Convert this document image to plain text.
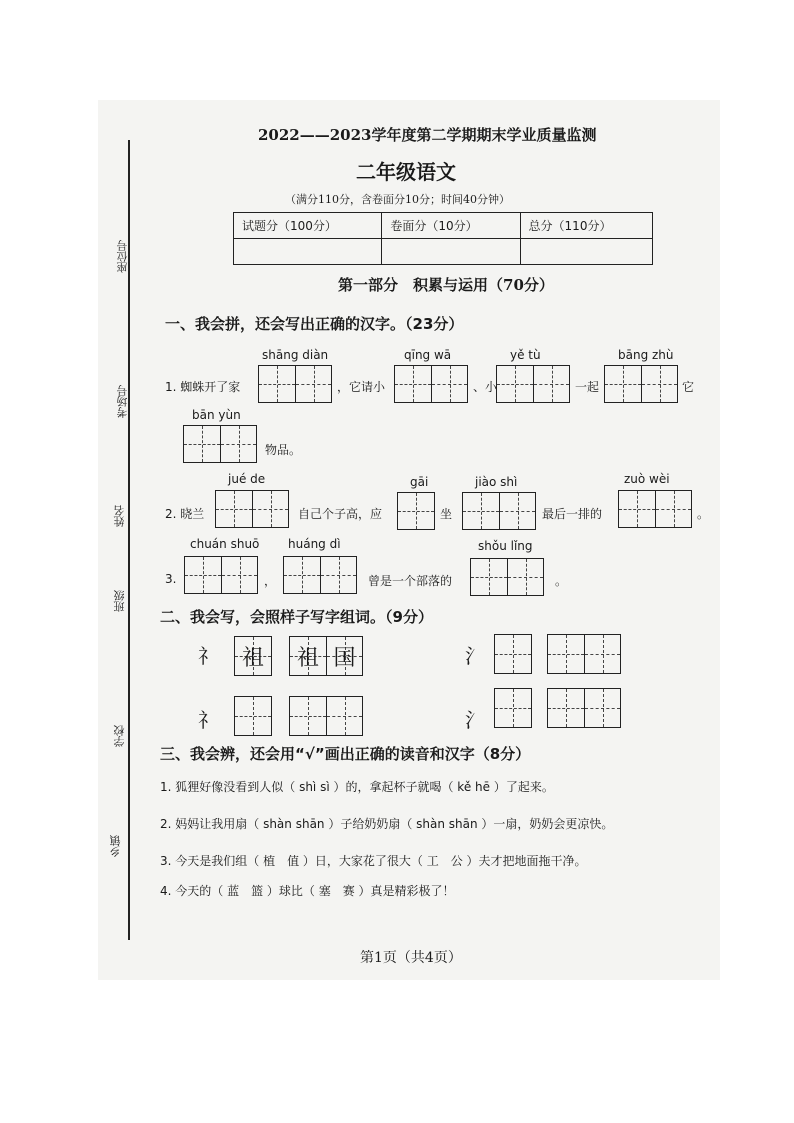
座位号
考场号
姓名
班级
学校
乡镇
2022——2023学年度第二学期期末学业质量监测
二年级语文
（满分110分，含卷面分10分；时间40分钟）
试题分（100分）	卷面分（10分）	总分（110分）

第一部分　积累与运用（70分）
一、我会拼，还会写出正确的汉字。（23分）
shāng diàn	qīng wā	yě tù	bāng zhù
1. 蜘蛛开了家	，它请小	、小	一起	它
bān yùn
物品。
jué de	gāi	jiào shì	zuò wèi
2. 晓兰	自己个子高，应	坐	最后一排的	。
chuán shuō huáng dì	shǒu lǐng
3.	，	曾是一个部落的	。
二、我会写，会照样子写字组词。（9分）
礻	祖	祖 国	氵
礻	氵
三、我会辨，还会用“√”画出正确的读音和汉字（8分）
1. 狐狸好像没看到人似（ shì sì ）的，拿起杯子就喝（ kě hē ）了起来。
2. 妈妈让我用扇（ shàn shān ）子给奶奶扇（ shàn shān ）一扇，奶奶会更凉快。
3. 今天是我们组（ 植　值 ）日，大家花了很大（ 工　公 ）夫才把地面拖干净。
4. 今天的（ 蓝　篮 ）球比（ 塞　赛 ）真是精彩极了！
第1页（共4页）
